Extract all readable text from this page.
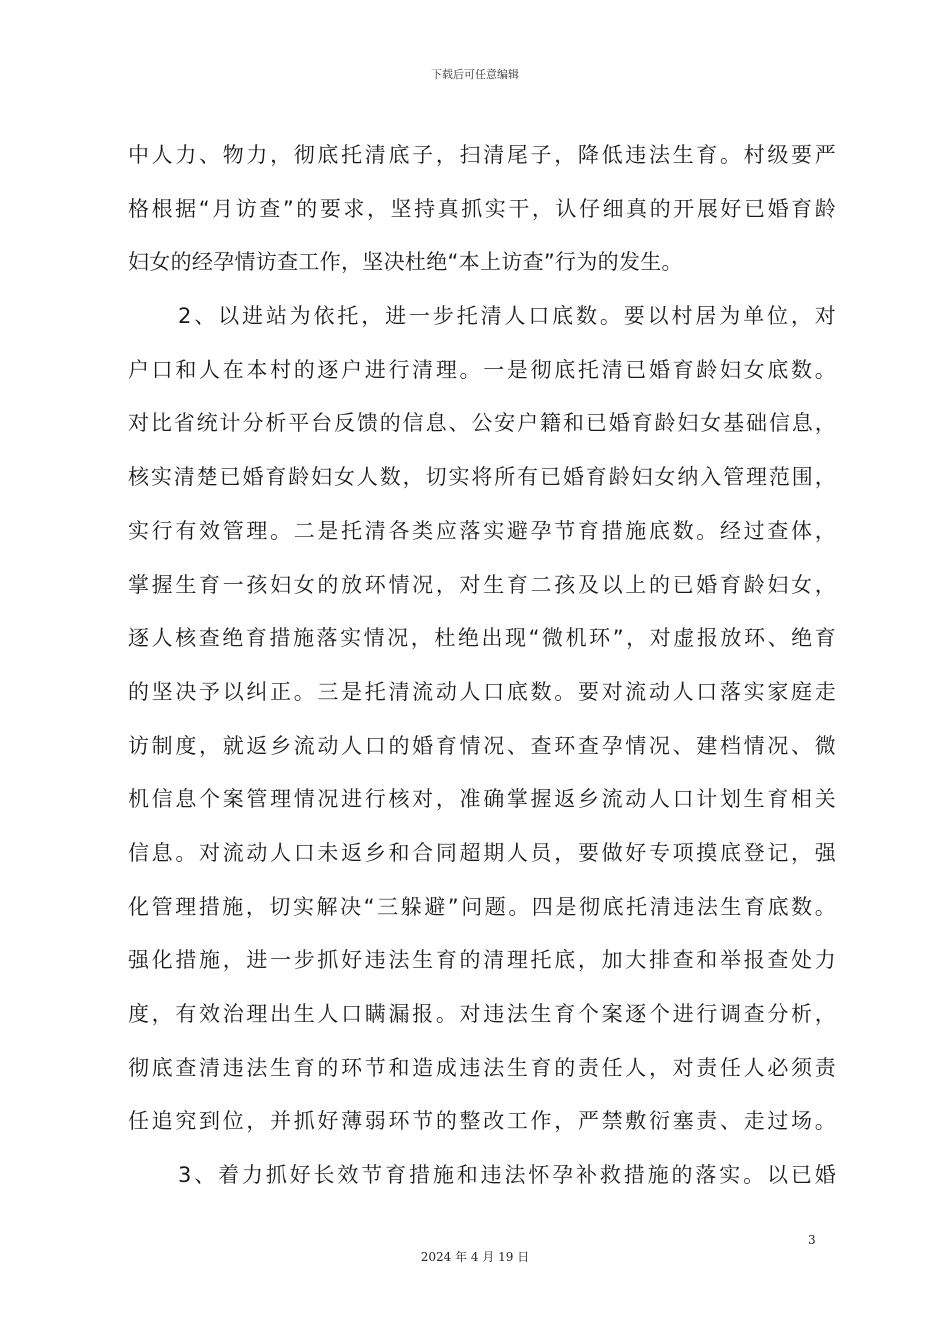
下载后可任意编辑
中人力、物力，彻底托清底子，扫清尾子，降低违法生育。村级要严
格根据“月访查”的要求，坚持真抓实干，认仔细真的开展好已婚育龄
妇女的经孕情访查工作，坚决杜绝“本上访查”行为的发生。
2、以进站为依托，进一步托清人口底数。要以村居为单位，对
户口和人在本村的逐户进行清理。一是彻底托清已婚育龄妇女底数。
对比省统计分析平台反馈的信息、公安户籍和已婚育龄妇女基础信息，
核实清楚已婚育龄妇女人数，切实将所有已婚育龄妇女纳入管理范围，
实行有效管理。二是托清各类应落实避孕节育措施底数。经过查体，
掌握生育一孩妇女的放环情况，对生育二孩及以上的已婚育龄妇女，
逐人核查绝育措施落实情况，杜绝出现“微机环”，对虚报放环、绝育
的坚决予以纠正。三是托清流动人口底数。要对流动人口落实家庭走
访制度，就返乡流动人口的婚育情况、查环查孕情况、建档情况、微
机信息个案管理情况进行核对，准确掌握返乡流动人口计划生育相关
信息。对流动人口未返乡和合同超期人员，要做好专项摸底登记，强
化管理措施，切实解决“三躲避”问题。四是彻底托清违法生育底数。
强化措施，进一步抓好违法生育的清理托底，加大排查和举报查处力
度，有效治理出生人口瞒漏报。对违法生育个案逐个进行调查分析，
彻底查清违法生育的环节和造成违法生育的责任人，对责任人必须责
任追究到位，并抓好薄弱环节的整改工作，严禁敷衍塞责、走过场。
3、着力抓好长效节育措施和违法怀孕补救措施的落实。以已婚
3
2024 年 4 月 19 日
